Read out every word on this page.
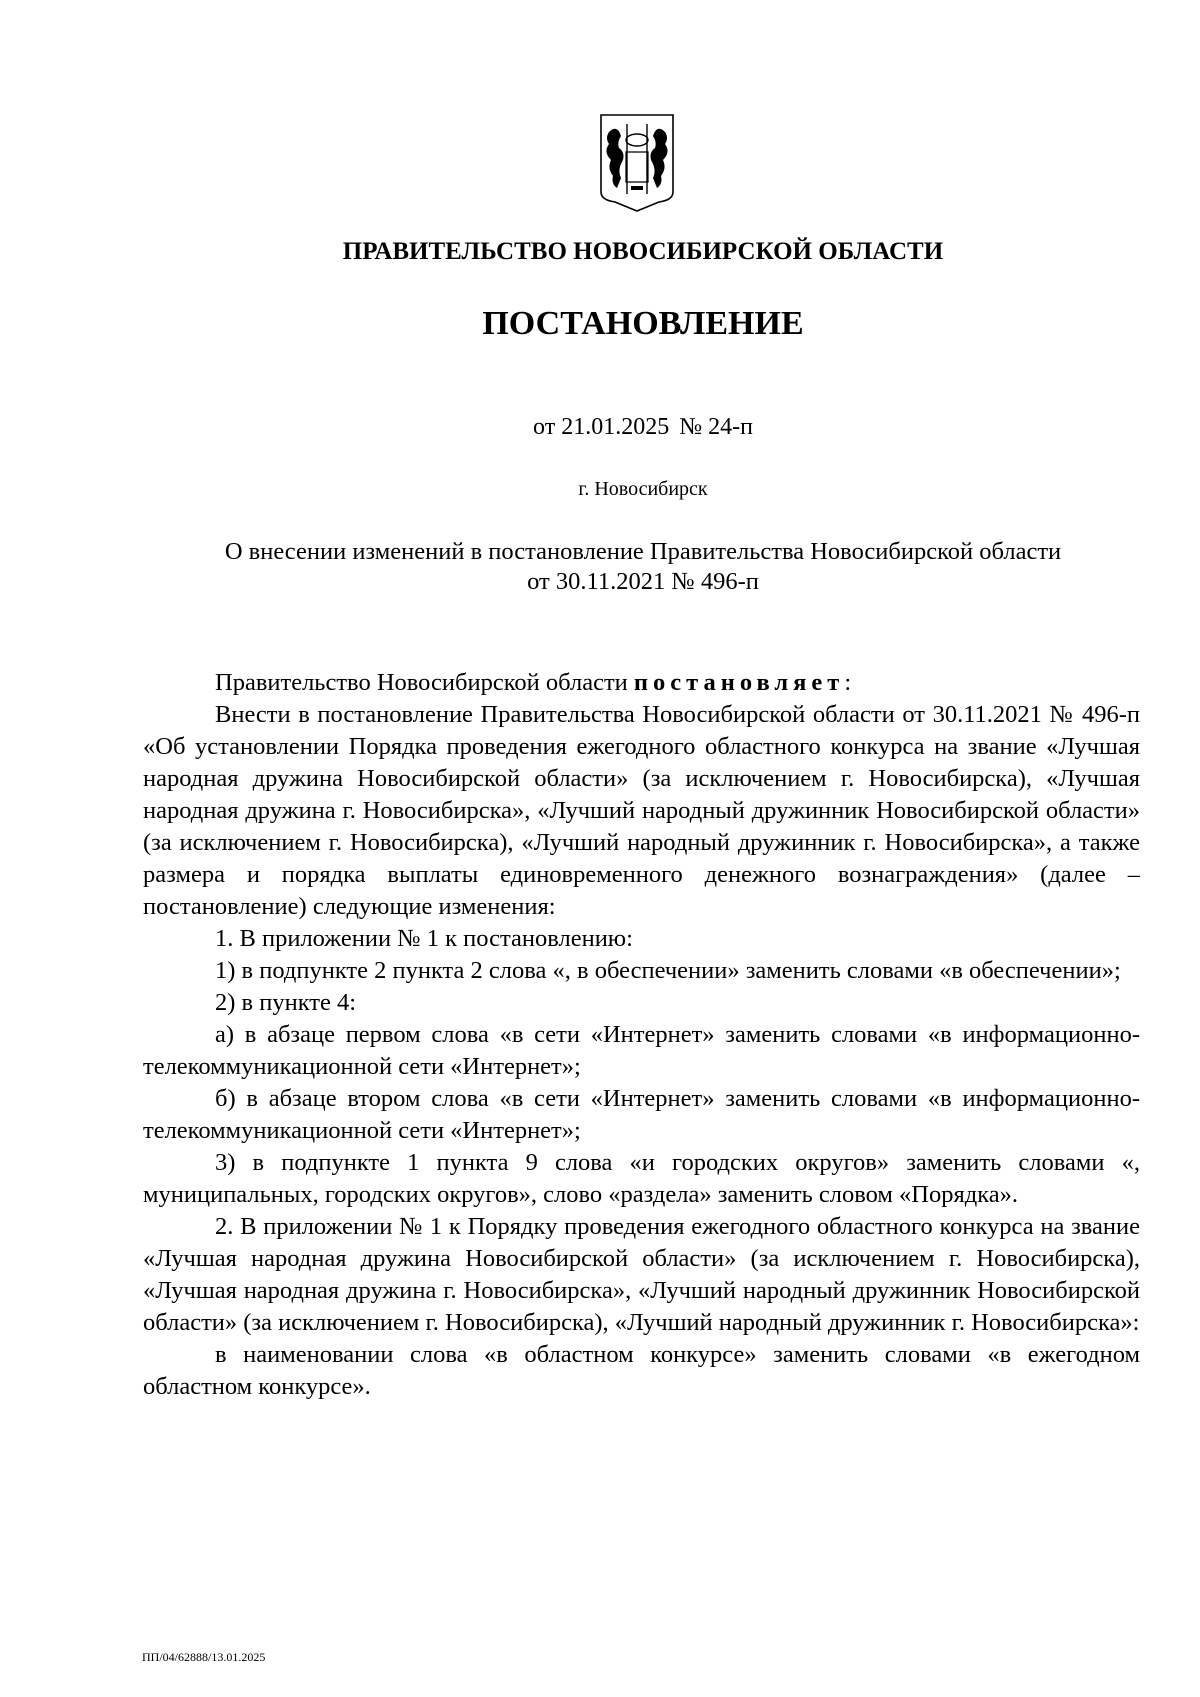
ПРАВИТЕЛЬСТВО НОВОСИБИРСКОЙ ОБЛАСТИ
ПОСТАНОВЛЕНИЕ
от 21.01.2025 № 24-п
г. Новосибирск
О внесении изменений в постановление Правительства Новосибирской области
от 30.11.2021 № 496-п

Правительство Новосибирской области постановляет:

Внести в постановление Правительства Новосибирской области от 30.11.2021 № 496-п «Об установлении Порядка проведения ежегодного областного конкурса на звание «Лучшая народная дружина Новосибирской области» (за исключением г. Новосибирска), «Лучшая народная дружина г. Новосибирска», «Лучший народный дружинник Новосибирской области» (за исключением г. Новосибирска), «Лучший народный дружинник г. Новосибирска», а также размера и порядка выплаты единовременного денежного вознаграждения» (далее – постановление) следующие изменения:

1. В приложении № 1 к постановлению:

1) в подпункте 2 пункта 2 слова «, в обеспечении» заменить словами «в обеспечении»;

2) в пункте 4:

а) в абзаце первом слова «в сети «Интернет» заменить словами «в информационно-телекоммуникационной сети «Интернет»;

б) в абзаце втором слова «в сети «Интернет» заменить словами «в информационно-телекоммуникационной сети «Интернет»;

3) в подпункте 1 пункта 9 слова «и городских округов» заменить словами «, муниципальных, городских округов», слово «раздела» заменить словом «Порядка».

2. В приложении № 1 к Порядку проведения ежегодного областного конкурса на звание «Лучшая народная дружина Новосибирской области» (за исключением г. Новосибирска), «Лучшая народная дружина г. Новосибирска», «Лучший народный дружинник Новосибирской области» (за исключением г. Новосибирска), «Лучший народный дружинник г. Новосибирска»:

в наименовании слова «в областном конкурсе» заменить словами «в ежегодном областном конкурсе».

ПП/04/62888/13.01.2025
